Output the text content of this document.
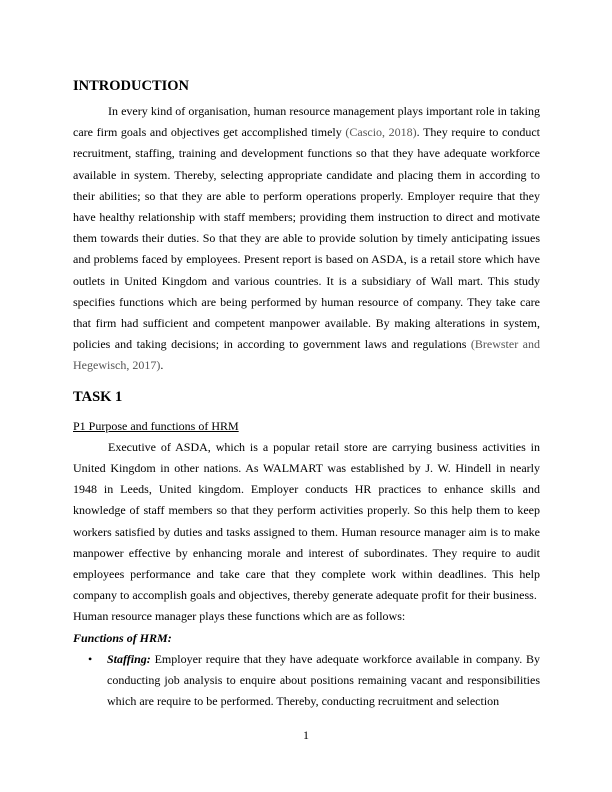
INTRODUCTION

In every kind of organisation, human resource management plays important role in taking care firm goals and objectives get accomplished timely (Cascio, 2018). They require to conduct recruitment, staffing, training and development functions so that they have adequate workforce available in system. Thereby, selecting appropriate candidate and placing them in according to their abilities; so that they are able to perform operations properly. Employer require that they have healthy relationship with staff members; providing them instruction to direct and motivate them towards their duties. So that they are able to provide solution by timely anticipating issues and problems faced by employees. Present report is based on ASDA, is a retail store which have outlets in United Kingdom and various countries. It is a subsidiary of Wall mart. This study specifies functions which are being performed by human resource of company. They take care that firm had sufficient and competent manpower available. By making alterations in system, policies and taking decisions; in according to government laws and regulations (Brewster and Hegewisch, 2017).

TASK 1

P1 Purpose and functions of HRM

Executive of ASDA, which is a popular retail store are carrying business activities in United Kingdom in other nations. As WALMART was established by J. W. Hindell in nearly 1948 in Leeds, United kingdom. Employer conducts HR practices to enhance skills and knowledge of staff members so that they perform activities properly. So this help them to keep workers satisfied by duties and tasks assigned to them. Human resource manager aim is to make manpower effective by enhancing morale and interest of subordinates. They require to audit employees performance and take care that they complete work within deadlines. This help company to accomplish goals and objectives, thereby generate adequate profit for their business.

Human resource manager plays these functions which are as follows:

Functions of HRM:

• Staffing: Employer require that they have adequate workforce available in company. By conducting job analysis to enquire about positions remaining vacant and responsibilities which are require to be performed. Thereby, conducting recruitment and selection
1
